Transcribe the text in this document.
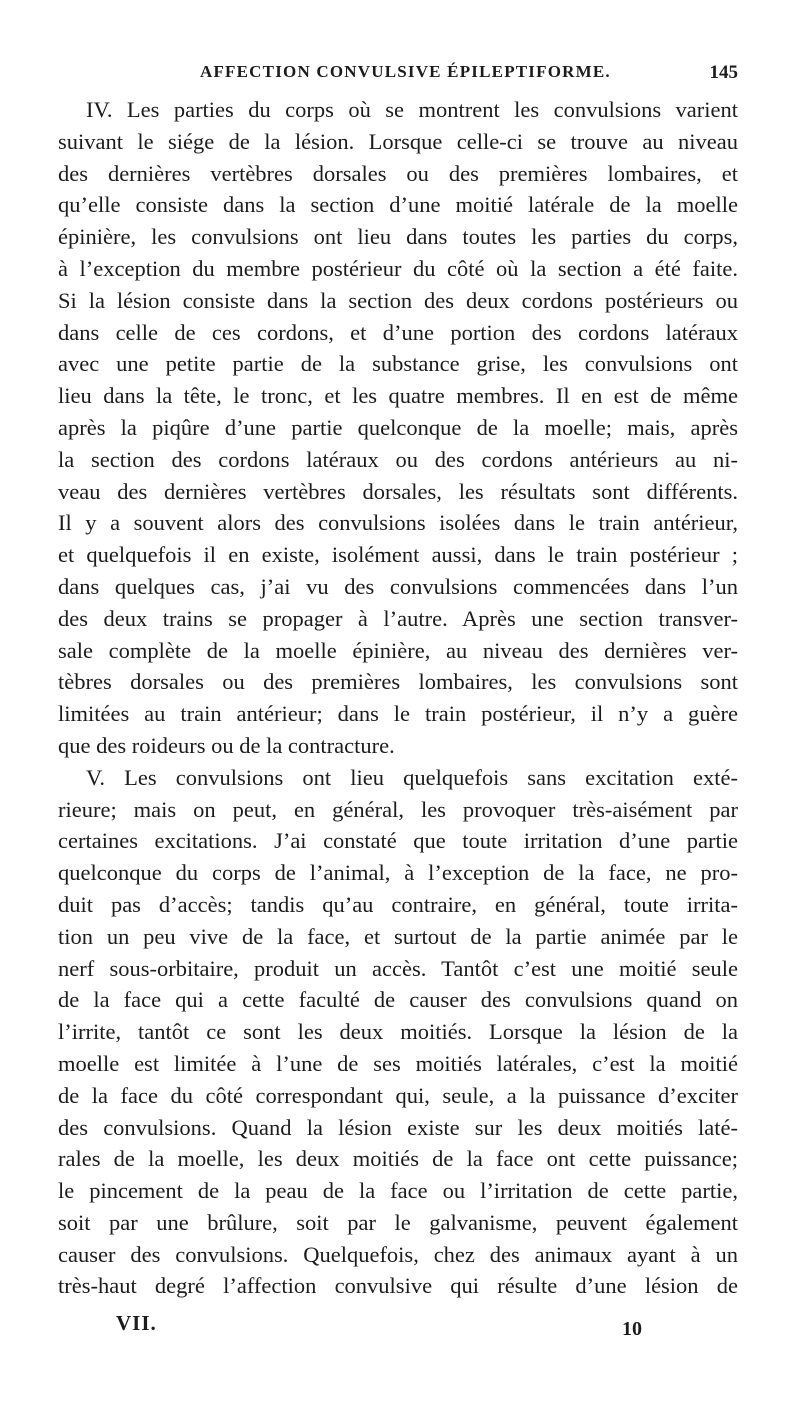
AFFECTION CONVULSIVE ÉPILEPTIFORME.	145
IV. Les parties du corps où se montrent les convulsions varient
suivant le siége de la lésion. Lorsque celle-ci se trouve au niveau
des dernières vertèbres dorsales ou des premières lombaires, et
qu’elle consiste dans la section d’une moitié latérale de la moelle
épinière, les convulsions ont lieu dans toutes les parties du corps,
à l’exception du membre postérieur du côté où la section a été faite.
Si la lésion consiste dans la section des deux cordons postérieurs ou
dans celle de ces cordons, et d’une portion des cordons latéraux
avec une petite partie de la substance grise, les convulsions ont
lieu dans la tête, le tronc, et les quatre membres. Il en est de même
après la piqûre d’une partie quelconque de la moelle; mais, après
la section des cordons latéraux ou des cordons antérieurs au ni-
veau des dernières vertèbres dorsales, les résultats sont différents.
Il y a souvent alors des convulsions isolées dans le train antérieur,
et quelquefois il en existe, isolément aussi, dans le train postérieur ;
dans quelques cas, j’ai vu des convulsions commencées dans l’un
des deux trains se propager à l’autre. Après une section transver-
sale complète de la moelle épinière, au niveau des dernières ver-
tèbres dorsales ou des premières lombaires, les convulsions sont
limitées au train antérieur; dans le train postérieur, il n’y a guère
que des roideurs ou de la contracture.
V. Les convulsions ont lieu quelquefois sans excitation exté-
rieure; mais on peut, en général, les provoquer très-aisément par
certaines excitations. J’ai constaté que toute irritation d’une partie
quelconque du corps de l’animal, à l’exception de la face, ne pro-
duit pas d’accès; tandis qu’au contraire, en général, toute irrita-
tion un peu vive de la face, et surtout de la partie animée par le
nerf sous-orbitaire, produit un accès. Tantôt c’est une moitié seule
de la face qui a cette faculté de causer des convulsions quand on
l’irrite, tantôt ce sont les deux moitiés. Lorsque la lésion de la
moelle est limitée à l’une de ses moitiés latérales, c’est la moitié
de la face du côté correspondant qui, seule, a la puissance d’exciter
des convulsions. Quand la lésion existe sur les deux moitiés laté-
rales de la moelle, les deux moitiés de la face ont cette puissance;
le pincement de la peau de la face ou l’irritation de cette partie,
soit par une brûlure, soit par le galvanisme, peuvent également
causer des convulsions. Quelquefois, chez des animaux ayant à un
très-haut degré l’affection convulsive qui résulte d’une lésion de
VII.	10
